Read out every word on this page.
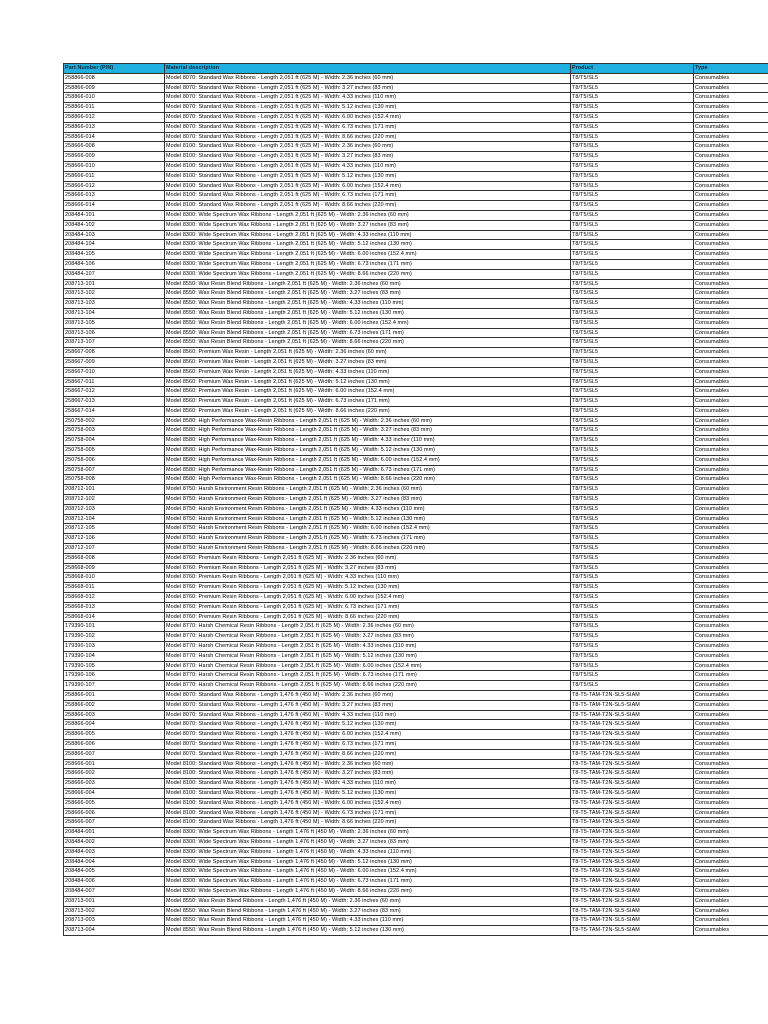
Part Number (P/N)	Material description	Product	Type
258866-008	Model 8070: Standard Wax Ribbons - Length 2,051 ft (625 M) - Width: 2.36 inches (60 mm)	T8/T5/SL5	Consumables
258866-009	Model 8070: Standard Wax Ribbons - Length 2,051 ft (625 M) - Width: 3.27 inches (83 mm)	T8/T5/SL5	Consumables
258866-010	Model 8070: Standard Wax Ribbons - Length 2,051 ft (625 M) - Width: 4.33 inches (110 mm)	T8/T5/SL5	Consumables
258866-011	Model 8070: Standard Wax Ribbons - Length 2,051 ft (625 M) - Width: 5.12 inches (130 mm)	T8/T5/SL5	Consumables
258866-012	Model 8070: Standard Wax Ribbons - Length 2,051 ft (625 M) - Width: 6.00 inches (152.4 mm)	T8/T5/SL5	Consumables
258866-013	Model 8070: Standard Wax Ribbons - Length 2,051 ft (625 M) - Width: 6.73 inches (171 mm)	T8/T5/SL5	Consumables
258866-014	Model 8070: Standard Wax Ribbons - Length 2,051 ft (625 M) - Width: 8.66 inches (220 mm)	T8/T5/SL5	Consumables
258666-008	Model 8100: Standard Wax Ribbons - Length 2,051 ft (625 M) - Width: 2.36 inches (60 mm)	T8/T5/SL5	Consumables
258666-009	Model 8100: Standard Wax Ribbons - Length 2,051 ft (625 M) - Width: 3.27 inches (83 mm)	T8/T5/SL5	Consumables
258666-010	Model 8100: Standard Wax Ribbons - Length 2,051 ft (625 M) - Width: 4.33 inches (110 mm)	T8/T5/SL5	Consumables
258666-011	Model 8100: Standard Wax Ribbons - Length 2,051 ft (625 M) - Width: 5.12 inches (130 mm)	T8/T5/SL5	Consumables
258666-012	Model 8100: Standard Wax Ribbons - Length 2,051 ft (625 M) - Width: 6.00 inches (152.4 mm)	T8/T5/SL5	Consumables
258666-013	Model 8100: Standard Wax Ribbons - Length 2,051 ft (625 M) - Width: 6.73 inches (171 mm)	T8/T5/SL5	Consumables
258666-014	Model 8100: Standard Wax Ribbons - Length 2,051 ft (625 M) - Width: 8.66 inches (220 mm)	T8/T5/SL5	Consumables
208484-101	Model 8300: Wide Spectrum Wax Ribbons - Length 2,051 ft (625 M) - Width: 2.36 inches (60 mm)	T8/T5/SL5	Consumables
208484-102	Model 8300: Wide Spectrum Wax Ribbons - Length 2,051 ft (625 M) - Width: 3.27 inches (83 mm)	T8/T5/SL5	Consumables
208484-103	Model 8300: Wide Spectrum Wax Ribbons - Length 2,051 ft (625 M) - Width: 4.33 inches (110 mm)	T8/T5/SL5	Consumables
208484-104	Model 8300: Wide Spectrum Wax Ribbons - Length 2,051 ft (625 M) - Width: 5.12 inches (130 mm)	T8/T5/SL5	Consumables
208484-105	Model 8300: Wide Spectrum Wax Ribbons - Length 2,051 ft (625 M) - Width: 6.00 inches (152.4 mm)	T8/T5/SL5	Consumables
208484-106	Model 8300: Wide Spectrum Wax Ribbons - Length 2,051 ft (625 M) - Width: 6.73 inches (171 mm)	T8/T5/SL5	Consumables
208484-107	Model 8300: Wide Spectrum Wax Ribbons - Length 2,051 ft (625 M) - Width: 8.66 inches (220 mm)	T8/T5/SL5	Consumables
208713-101	Model 8550: Wax Resin Blend Ribbons - Length 2,051 ft (625 M) - Width: 2.36 inches (60 mm)	T8/T5/SL5	Consumables
208713-102	Model 8550: Wax Resin Blend Ribbons - Length 2,051 ft (625 M) - Width: 3.27 inches (83 mm)	T8/T5/SL5	Consumables
208713-103	Model 8550: Wax Resin Blend Ribbons - Length 2,051 ft (625 M) - Width: 4.33 inches (110 mm)	T8/T5/SL5	Consumables
208713-104	Model 8550: Wax Resin Blend Ribbons - Length 2,051 ft (625 M) - Width: 5.12 inches (130 mm)	T8/T5/SL5	Consumables
208713-105	Model 8550: Wax Resin Blend Ribbons - Length 2,051 ft (625 M) - Width: 6.00 inches (152.4 mm)	T8/T5/SL5	Consumables
208713-106	Model 8550: Wax Resin Blend Ribbons - Length 2,051 ft (625 M) - Width: 6.73 inches (171 mm)	T8/T5/SL5	Consumables
208713-107	Model 8550: Wax Resin Blend Ribbons - Length 2,051 ft (625 M) - Width: 8.66 inches (220 mm)	T8/T5/SL5	Consumables
258667-008	Model 8560: Premium Wax Resin - Length 2,051 ft (625 M) - Width: 2.36 inches (60 mm)	T8/T5/SL5	Consumables
258667-009	Model 8560: Premium Wax Resin - Length 2,051 ft (625 M) - Width: 3.27 inches (83 mm)	T8/T5/SL5	Consumables
258667-010	Model 8560: Premium Wax Resin - Length 2,051 ft (625 M) - Width: 4.33 inches (110 mm)	T8/T5/SL5	Consumables
258667-011	Model 8560: Premium Wax Resin - Length 2,051 ft (625 M) - Width: 5.12 inches (130 mm)	T8/T5/SL5	Consumables
258667-012	Model 8560: Premium Wax Resin - Length 2,051 ft (625 M) - Width: 6.00 inches (152.4 mm)	T8/T5/SL5	Consumables
258667-013	Model 8560: Premium Wax Resin - Length 2,051 ft (625 M) - Width: 6.73 inches (171 mm)	T8/T5/SL5	Consumables
258667-014	Model 8560: Premium Wax Resin - Length 2,051 ft (625 M) - Width: 8.66 inches (220 mm)	T8/T5/SL5	Consumables
250758-002	Model 8580: High Performance Wax-Resin Ribbons - Length 2,051 ft (625 M) - Width: 2.36 inches (60 mm)	T8/T5/SL5	Consumables
250758-003	Model 8580: High Performance Wax-Resin Ribbons - Length 2,051 ft (625 M) - Width: 3.27 inches (83 mm)	T8/T5/SL5	Consumables
250758-004	Model 8580: High Performance Wax-Resin Ribbons - Length 2,051 ft (625 M) - Width: 4.33 inches (110 mm)	T8/T5/SL5	Consumables
250758-005	Model 8580: High Performance Wax-Resin Ribbons - Length 2,051 ft (625 M) - Width: 5.12 inches (130 mm)	T8/T5/SL5	Consumables
250758-006	Model 8580: High Performance Wax-Resin Ribbons - Length 2,051 ft (625 M) - Width: 6.00 inches (152.4 mm)	T8/T5/SL5	Consumables
250758-007	Model 8580: High Performance Wax-Resin Ribbons - Length 2,051 ft (625 M) - Width: 6.73 inches (171 mm)	T8/T5/SL5	Consumables
250758-008	Model 8580: High Performance Wax-Resin Ribbons - Length 2,051 ft (625 M) - Width: 8.66 inches (220 mm)	T8/T5/SL5	Consumables
208712-101	Model 8750: Harsh Environment Resin Ribbons - Length 2,051 ft (625 M) - Width: 2.36 inches (60 mm)	T8/T5/SL5	Consumables
208712-102	Model 8750: Harsh Environment Resin Ribbons - Length 2,051 ft (625 M) - Width: 3.27 inches (83 mm)	T8/T5/SL5	Consumables
208712-103	Model 8750: Harsh Environment Resin Ribbons - Length 2,051 ft (625 M) - Width: 4.33 inches (110 mm)	T8/T5/SL5	Consumables
208712-104	Model 8750: Harsh Environment Resin Ribbons - Length 2,051 ft (625 M) - Width: 5.12 inches (130 mm)	T8/T5/SL5	Consumables
208712-105	Model 8750: Harsh Environment Resin Ribbons - Length 2,051 ft (625 M) - Width: 6.00 inches (152.4 mm)	T8/T5/SL5	Consumables
208712-106	Model 8750: Harsh Environment Resin Ribbons - Length 2,051 ft (625 M) - Width: 6.73 inches (171 mm)	T8/T5/SL5	Consumables
208712-107	Model 8750: Harsh Environment Resin Ribbons - Length 2,051 ft (625 M) - Width: 8.66 inches (220 mm)	T8/T5/SL5	Consumables
258668-008	Model 8760: Premium Resin Ribbons - Length 2,051 ft (625 M) - Width: 2.36 inches (60 mm)	T8/T5/SL5	Consumables
258668-009	Model 8760: Premium Resin Ribbons - Length 2,051 ft (625 M) - Width: 3.27 inches (83 mm)	T8/T5/SL5	Consumables
258668-010	Model 8760: Premium Resin Ribbons - Length 2,051 ft (625 M) - Width: 4.33 inches (110 mm)	T8/T5/SL5	Consumables
258668-011	Model 8760: Premium Resin Ribbons - Length 2,051 ft (625 M) - Width: 5.12 inches (130 mm)	T8/T5/SL5	Consumables
258668-012	Model 8760: Premium Resin Ribbons - Length 2,051 ft (625 M) - Width: 6.00 inches (152.4 mm)	T8/T5/SL5	Consumables
258668-013	Model 8760: Premium Resin Ribbons - Length 2,051 ft (625 M) - Width: 6.73 inches (171 mm)	T8/T5/SL5	Consumables
258668-014	Model 8760: Premium Resin Ribbons - Length 2,051 ft (625 M) - Width: 8.66 inches (220 mm)	T8/T5/SL5	Consumables
179390-101	Model 8770: Harsh Chemical Resin Ribbons - Length 2,051 ft (625 M) - Width: 2.36 inches (60 mm)	T8/T5/SL5	Consumables
179390-102	Model 8770: Harsh Chemical Resin Ribbons - Length 2,051 ft (625 M) - Width: 3.27 inches (83 mm)	T8/T5/SL5	Consumables
179390-103	Model 8770: Harsh Chemical Resin Ribbons - Length 2,051 ft (625 M) - Width: 4.33 inches (110 mm)	T8/T5/SL5	Consumables
179390-104	Model 8770: Harsh Chemical Resin Ribbons - Length 2,051 ft (625 M) - Width: 5.12 inches (130 mm)	T8/T5/SL5	Consumables
179390-105	Model 8770: Harsh Chemical Resin Ribbons - Length 2,051 ft (625 M) - Width: 6.00 inches (152.4 mm)	T8/T5/SL5	Consumables
179390-106	Model 8770: Harsh Chemical Resin Ribbons - Length 2,051 ft (625 M) - Width: 6.73 inches (171 mm)	T8/T5/SL5	Consumables
179390-107	Model 8770: Harsh Chemical Resin Ribbons - Length 2,051 ft (625 M) - Width: 8.66 inches (220 mm)	T8/T5/SL5	Consumables
258866-001	Model 8070: Standard Wax Ribbons - Length 1,476 ft (450 M) - Width: 2.36 inches (60 mm)	T8-T5-TAM-T2N-SL5-SIAM	Consumables
258866-002	Model 8070: Standard Wax Ribbons - Length 1,476 ft (450 M) - Width: 3.27 inches (83 mm)	T8-T5-TAM-T2N-SL5-SIAM	Consumables
258866-003	Model 8070: Standard Wax Ribbons - Length 1,476 ft (450 M) - Width: 4.33 inches (110 mm)	T8-T5-TAM-T2N-SL5-SIAM	Consumables
258866-004	Model 8070: Standard Wax Ribbons - Length 1,476 ft (450 M) - Width: 5.12 inches (130 mm)	T8-T5-TAM-T2N-SL5-SIAM	Consumables
258866-005	Model 8070: Standard Wax Ribbons - Length 1,476 ft (450 M) - Width: 6.00 inches (152.4 mm)	T8-T5-TAM-T2N-SL5-SIAM	Consumables
258866-006	Model 8070: Standard Wax Ribbons - Length 1,476 ft (450 M) - Width: 6.73 inches (171 mm)	T8-T5-TAM-T2N-SL5-SIAM	Consumables
258866-007	Model 8070: Standard Wax Ribbons - Length 1,476 ft (450 M) - Width: 8.66 inches (220 mm)	T8-T5-TAM-T2N-SL5-SIAM	Consumables
258666-001	Model 8100: Standard Wax Ribbons - Length 1,476 ft (450 M) - Width: 2.36 inches (60 mm)	T8-T5-TAM-T2N-SL5-SIAM	Consumables
258666-002	Model 8100: Standard Wax Ribbons - Length 1,476 ft (450 M) - Width: 3.27 inches (83 mm)	T8-T5-TAM-T2N-SL5-SIAM	Consumables
258666-003	Model 8100: Standard Wax Ribbons - Length 1,476 ft (450 M) - Width: 4.33 inches (110 mm)	T8-T5-TAM-T2N-SL5-SIAM	Consumables
258666-004	Model 8100: Standard Wax Ribbons - Length 1,476 ft (450 M) - Width: 5.12 inches (130 mm)	T8-T5-TAM-T2N-SL5-SIAM	Consumables
258666-005	Model 8100: Standard Wax Ribbons - Length 1,476 ft (450 M) - Width: 6.00 inches (152.4 mm)	T8-T5-TAM-T2N-SL5-SIAM	Consumables
258666-006	Model 8100: Standard Wax Ribbons - Length 1,476 ft (450 M) - Width: 6.73 inches (171 mm)	T8-T5-TAM-T2N-SL5-SIAM	Consumables
258666-007	Model 8100: Standard Wax Ribbons - Length 1,476 ft (450 M) - Width: 8.66 inches (220 mm)	T8-T5-TAM-T2N-SL5-SIAM	Consumables
208484-001	Model 8300: Wide Spectrum Wax Ribbons - Length 1,476 ft (450 M) - Width: 2.36 inches (60 mm)	T8-T5-TAM-T2N-SL5-SIAM	Consumables
208484-002	Model 8300: Wide Spectrum Wax Ribbons - Length 1,476 ft (450 M) - Width: 3.27 inches (83 mm)	T8-T5-TAM-T2N-SL5-SIAM	Consumables
208484-003	Model 8300: Wide Spectrum Wax Ribbons - Length 1,476 ft (450 M) - Width: 4.33 inches (110 mm)	T8-T5-TAM-T2N-SL5-SIAM	Consumables
208484-004	Model 8300: Wide Spectrum Wax Ribbons - Length 1,476 ft (450 M) - Width: 5.12 inches (130 mm)	T8-T5-TAM-T2N-SL5-SIAM	Consumables
208484-005	Model 8300: Wide Spectrum Wax Ribbons - Length 1,476 ft (450 M) - Width: 6.00 inches (152.4 mm)	T8-T5-TAM-T2N-SL5-SIAM	Consumables
208484-006	Model 8300: Wide Spectrum Wax Ribbons - Length 1,476 ft (450 M) - Width: 6.73 inches (171 mm)	T8-T5-TAM-T2N-SL5-SIAM	Consumables
208484-007	Model 8300: Wide Spectrum Wax Ribbons - Length 1,476 ft (450 M) - Width: 8.66 inches (220 mm)	T8-T5-TAM-T2N-SL5-SIAM	Consumables
208713-001	Model 8550: Wax Resin Blend Ribbons - Length 1,476 ft (450 M) - Width: 2.36 inches (60 mm)	T8-T5-TAM-T2N-SL5-SIAM	Consumables
208713-002	Model 8550: Wax Resin Blend Ribbons - Length 1,476 ft (450 M) - Width: 3.27 inches (83 mm)	T8-T5-TAM-T2N-SL5-SIAM	Consumables
208713-003	Model 8550: Wax Resin Blend Ribbons - Length 1,476 ft (450 M) - Width: 4.33 inches (110 mm)	T8-T5-TAM-T2N-SL5-SIAM	Consumables
208713-004	Model 8550: Wax Resin Blend Ribbons - Length 1,476 ft (450 M) - Width: 5.12 inches (130 mm)	T8-T5-TAM-T2N-SL5-SIAM	Consumables
